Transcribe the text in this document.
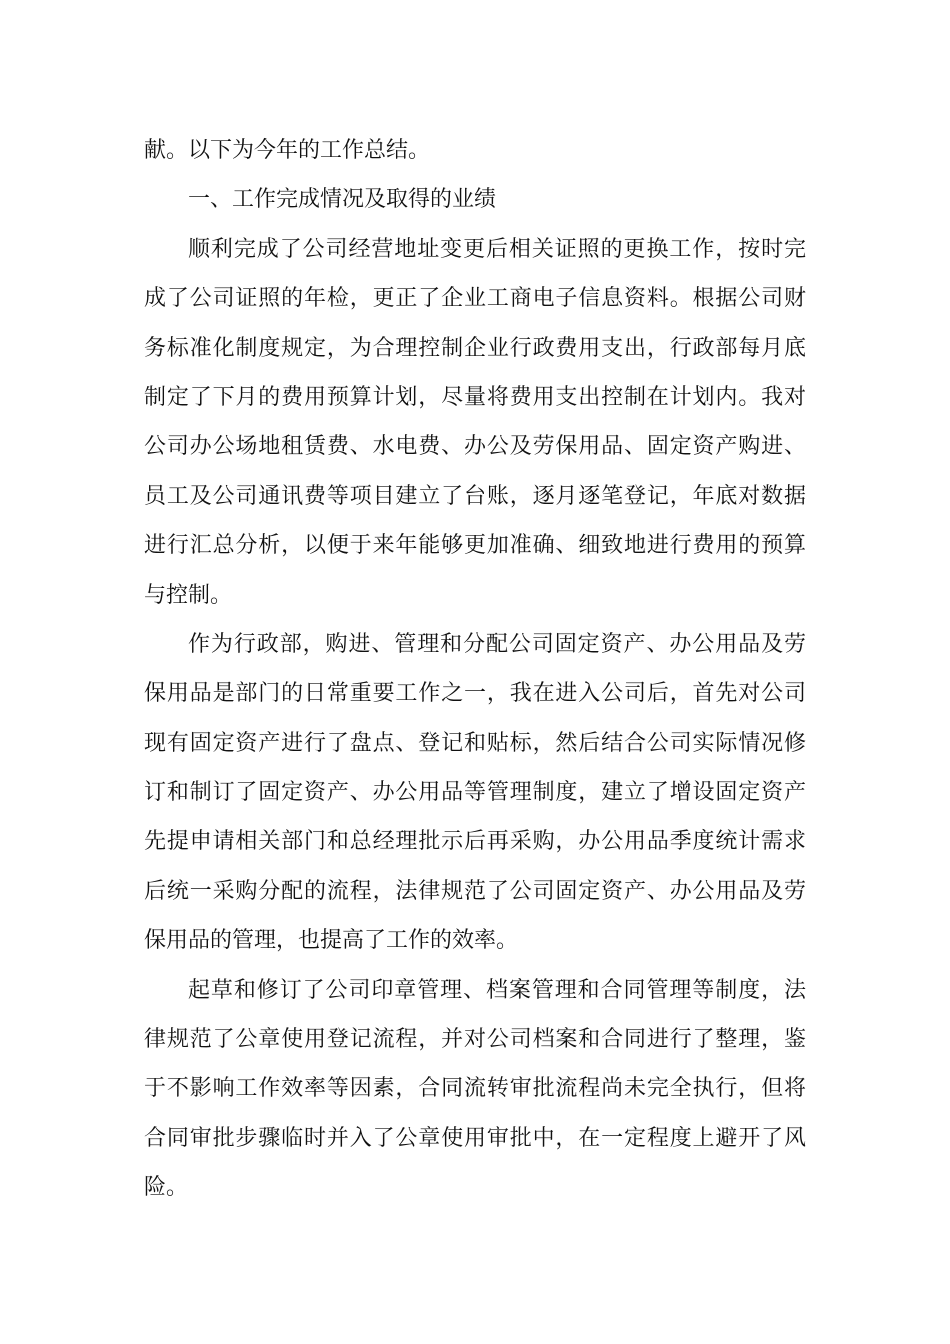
献。以下为今年的工作总结。
一、工作完成情况及取得的业绩
顺利完成了公司经营地址变更后相关证照的更换工作，按时完
成了公司证照的年检，更正了企业工商电子信息资料。根据公司财
务标准化制度规定，为合理控制企业行政费用支出，行政部每月底
制定了下月的费用预算计划，尽量将费用支出控制在计划内。我对
公司办公场地租赁费、水电费、办公及劳保用品、固定资产购进、
员工及公司通讯费等项目建立了台账，逐月逐笔登记，年底对数据
进行汇总分析，以便于来年能够更加准确、细致地进行费用的预算
与控制。
作为行政部，购进、管理和分配公司固定资产、办公用品及劳
保用品是部门的日常重要工作之一，我在进入公司后，首先对公司
现有固定资产进行了盘点、登记和贴标，然后结合公司实际情况修
订和制订了固定资产、办公用品等管理制度，建立了增设固定资产
先提申请相关部门和总经理批示后再采购，办公用品季度统计需求
后统一采购分配的流程，法律规范了公司固定资产、办公用品及劳
保用品的管理，也提高了工作的效率。
起草和修订了公司印章管理、档案管理和合同管理等制度，法
律规范了公章使用登记流程，并对公司档案和合同进行了整理，鉴
于不影响工作效率等因素，合同流转审批流程尚未完全执行，但将
合同审批步骤临时并入了公章使用审批中，在一定程度上避开了风
险。
